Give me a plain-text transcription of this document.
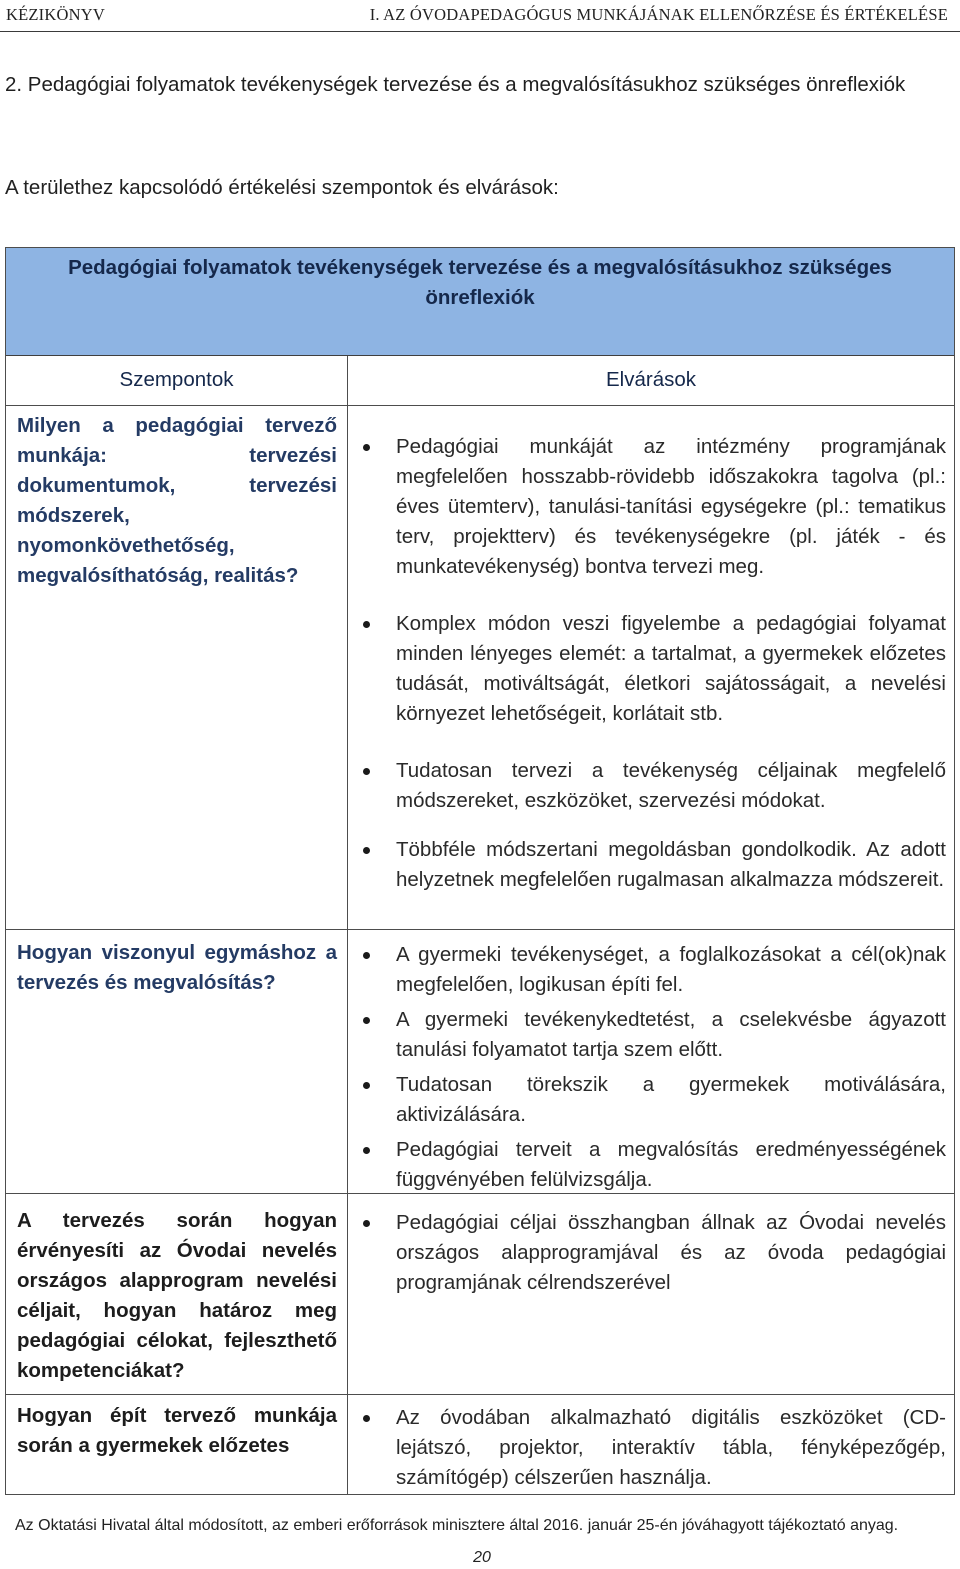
KÉZIKÖNYV	I. AZ ÓVODAPEDAGÓGUS MUNKÁJÁNAK ELLENŐRZÉSE ÉS ÉRTÉKELÉSE
2. Pedagógiai folyamatok tevékenységek tervezése és a megvalósításukhoz szükséges önreflexiók
A területhez kapcsolódó értékelési szempontok és elvárások:
Pedagógiai folyamatok tevékenységek tervezése és a megvalósításukhoz szükséges önreflexiók
Szempontok	Elvárások
Milyen a pedagógiai tervező munkája: tervezési dokumentumok, tervezési módszerek, nyomonkövethetőség, megvalósíthatóság, realitás?
Pedagógiai munkáját az intézmény programjának megfelelően hosszabb-rövidebb időszakokra tagolva (pl.: éves ütemterv), tanulási-tanítási egységekre (pl.: tematikus terv, projektterv) és tevékenységekre (pl. játék - és munkatevékenység) bontva tervezi meg.
Komplex módon veszi figyelembe a pedagógiai folyamat minden lényeges elemét: a tartalmat, a gyermekek előzetes tudását, motiváltságát, életkori sajátosságait, a nevelési környezet lehetőségeit, korlátait stb.
Tudatosan tervezi a tevékenység céljainak megfelelő módszereket, eszközöket, szervezési módokat.
Többféle módszertani megoldásban gondolkodik. Az adott helyzetnek megfelelően rugalmasan alkalmazza módszereit.
Hogyan viszonyul egymáshoz a tervezés és megvalósítás?
A gyermeki tevékenységet, a foglalkozásokat a cél(ok)nak megfelelően, logikusan építi fel.
A gyermeki tevékenykedtetést, a cselekvésbe ágyazott tanulási folyamatot tartja szem előtt.
Tudatosan törekszik a gyermekek motiválására, aktivizálására.
Pedagógiai terveit a megvalósítás eredményességének függvényében felülvizsgálja.
A tervezés során hogyan érvényesíti az Óvodai nevelés országos alapprogram nevelési céljait, hogyan határoz meg pedagógiai célokat, fejleszthető kompetenciákat?
Pedagógiai céljai összhangban állnak az Óvodai nevelés országos alapprogramjával és az óvoda pedagógiai programjának célrendszerével
Hogyan épít tervező munkája során a gyermekek előzetes
Az óvodában alkalmazható digitális eszközöket (CD-lejátszó, projektor, interaktív tábla, fényképezőgép, számítógép) célszerűen használja.
Az Oktatási Hivatal által módosított, az emberi erőforrások minisztere által 2016. január 25-én jóváhagyott tájékoztató anyag.
20
